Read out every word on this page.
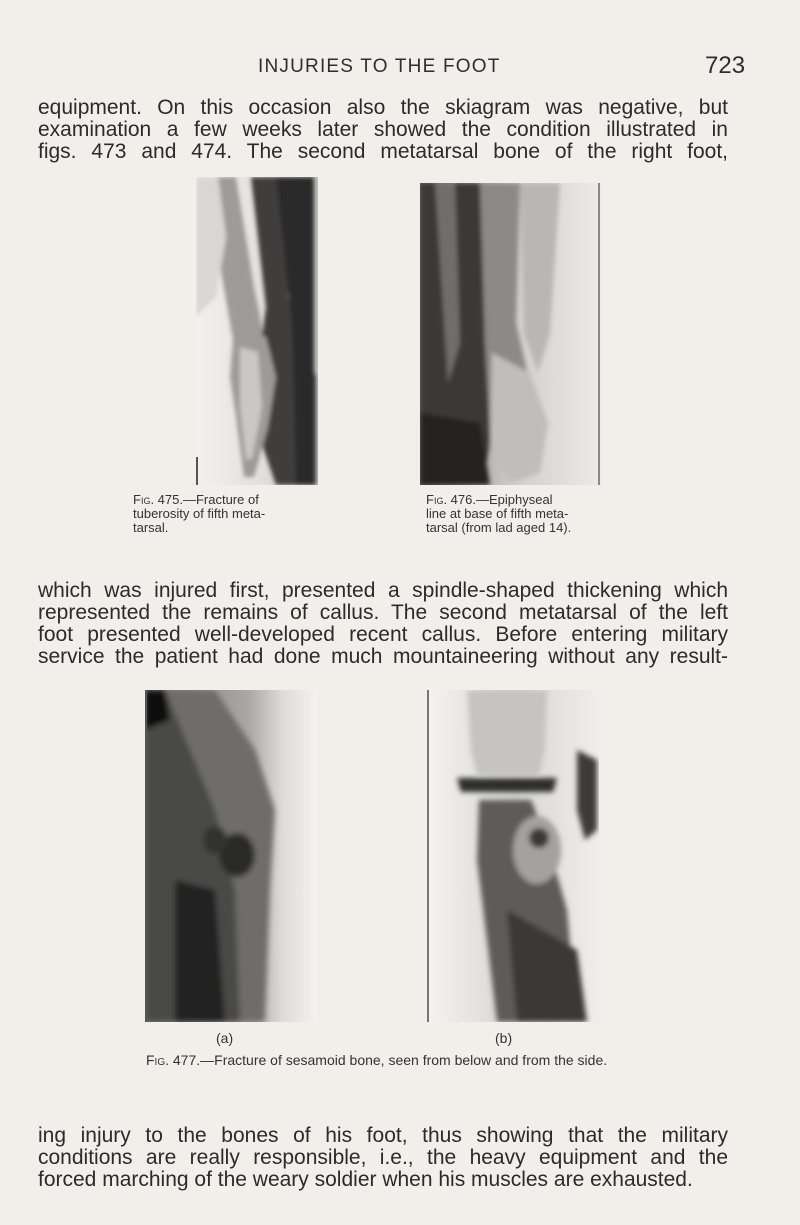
INJURIES TO THE FOOT	723
equipment. On this occasion also the skiagram was negative, but
examination a few weeks later showed the condition illustrated in
figs. 473 and 474. The second metatarsal bone of the right foot,
Fig. 475.—Fracture of
tuberosity of fifth meta-
tarsal.
Fig. 476.—Epiphyseal
line at base of fifth meta-
tarsal (from lad aged 14).
which was injured first, presented a spindle-shaped thickening which
represented the remains of callus. The second metatarsal of the left
foot presented well-developed recent callus. Before entering military
service the patient had done much mountaineering without any result-
(a)	(b)
Fig. 477.—Fracture of sesamoid bone, seen from below and from the side.
ing injury to the bones of his foot, thus showing that the military
conditions are really responsible, i.e., the heavy equipment and the
forced marching of the weary soldier when his muscles are exhausted.
